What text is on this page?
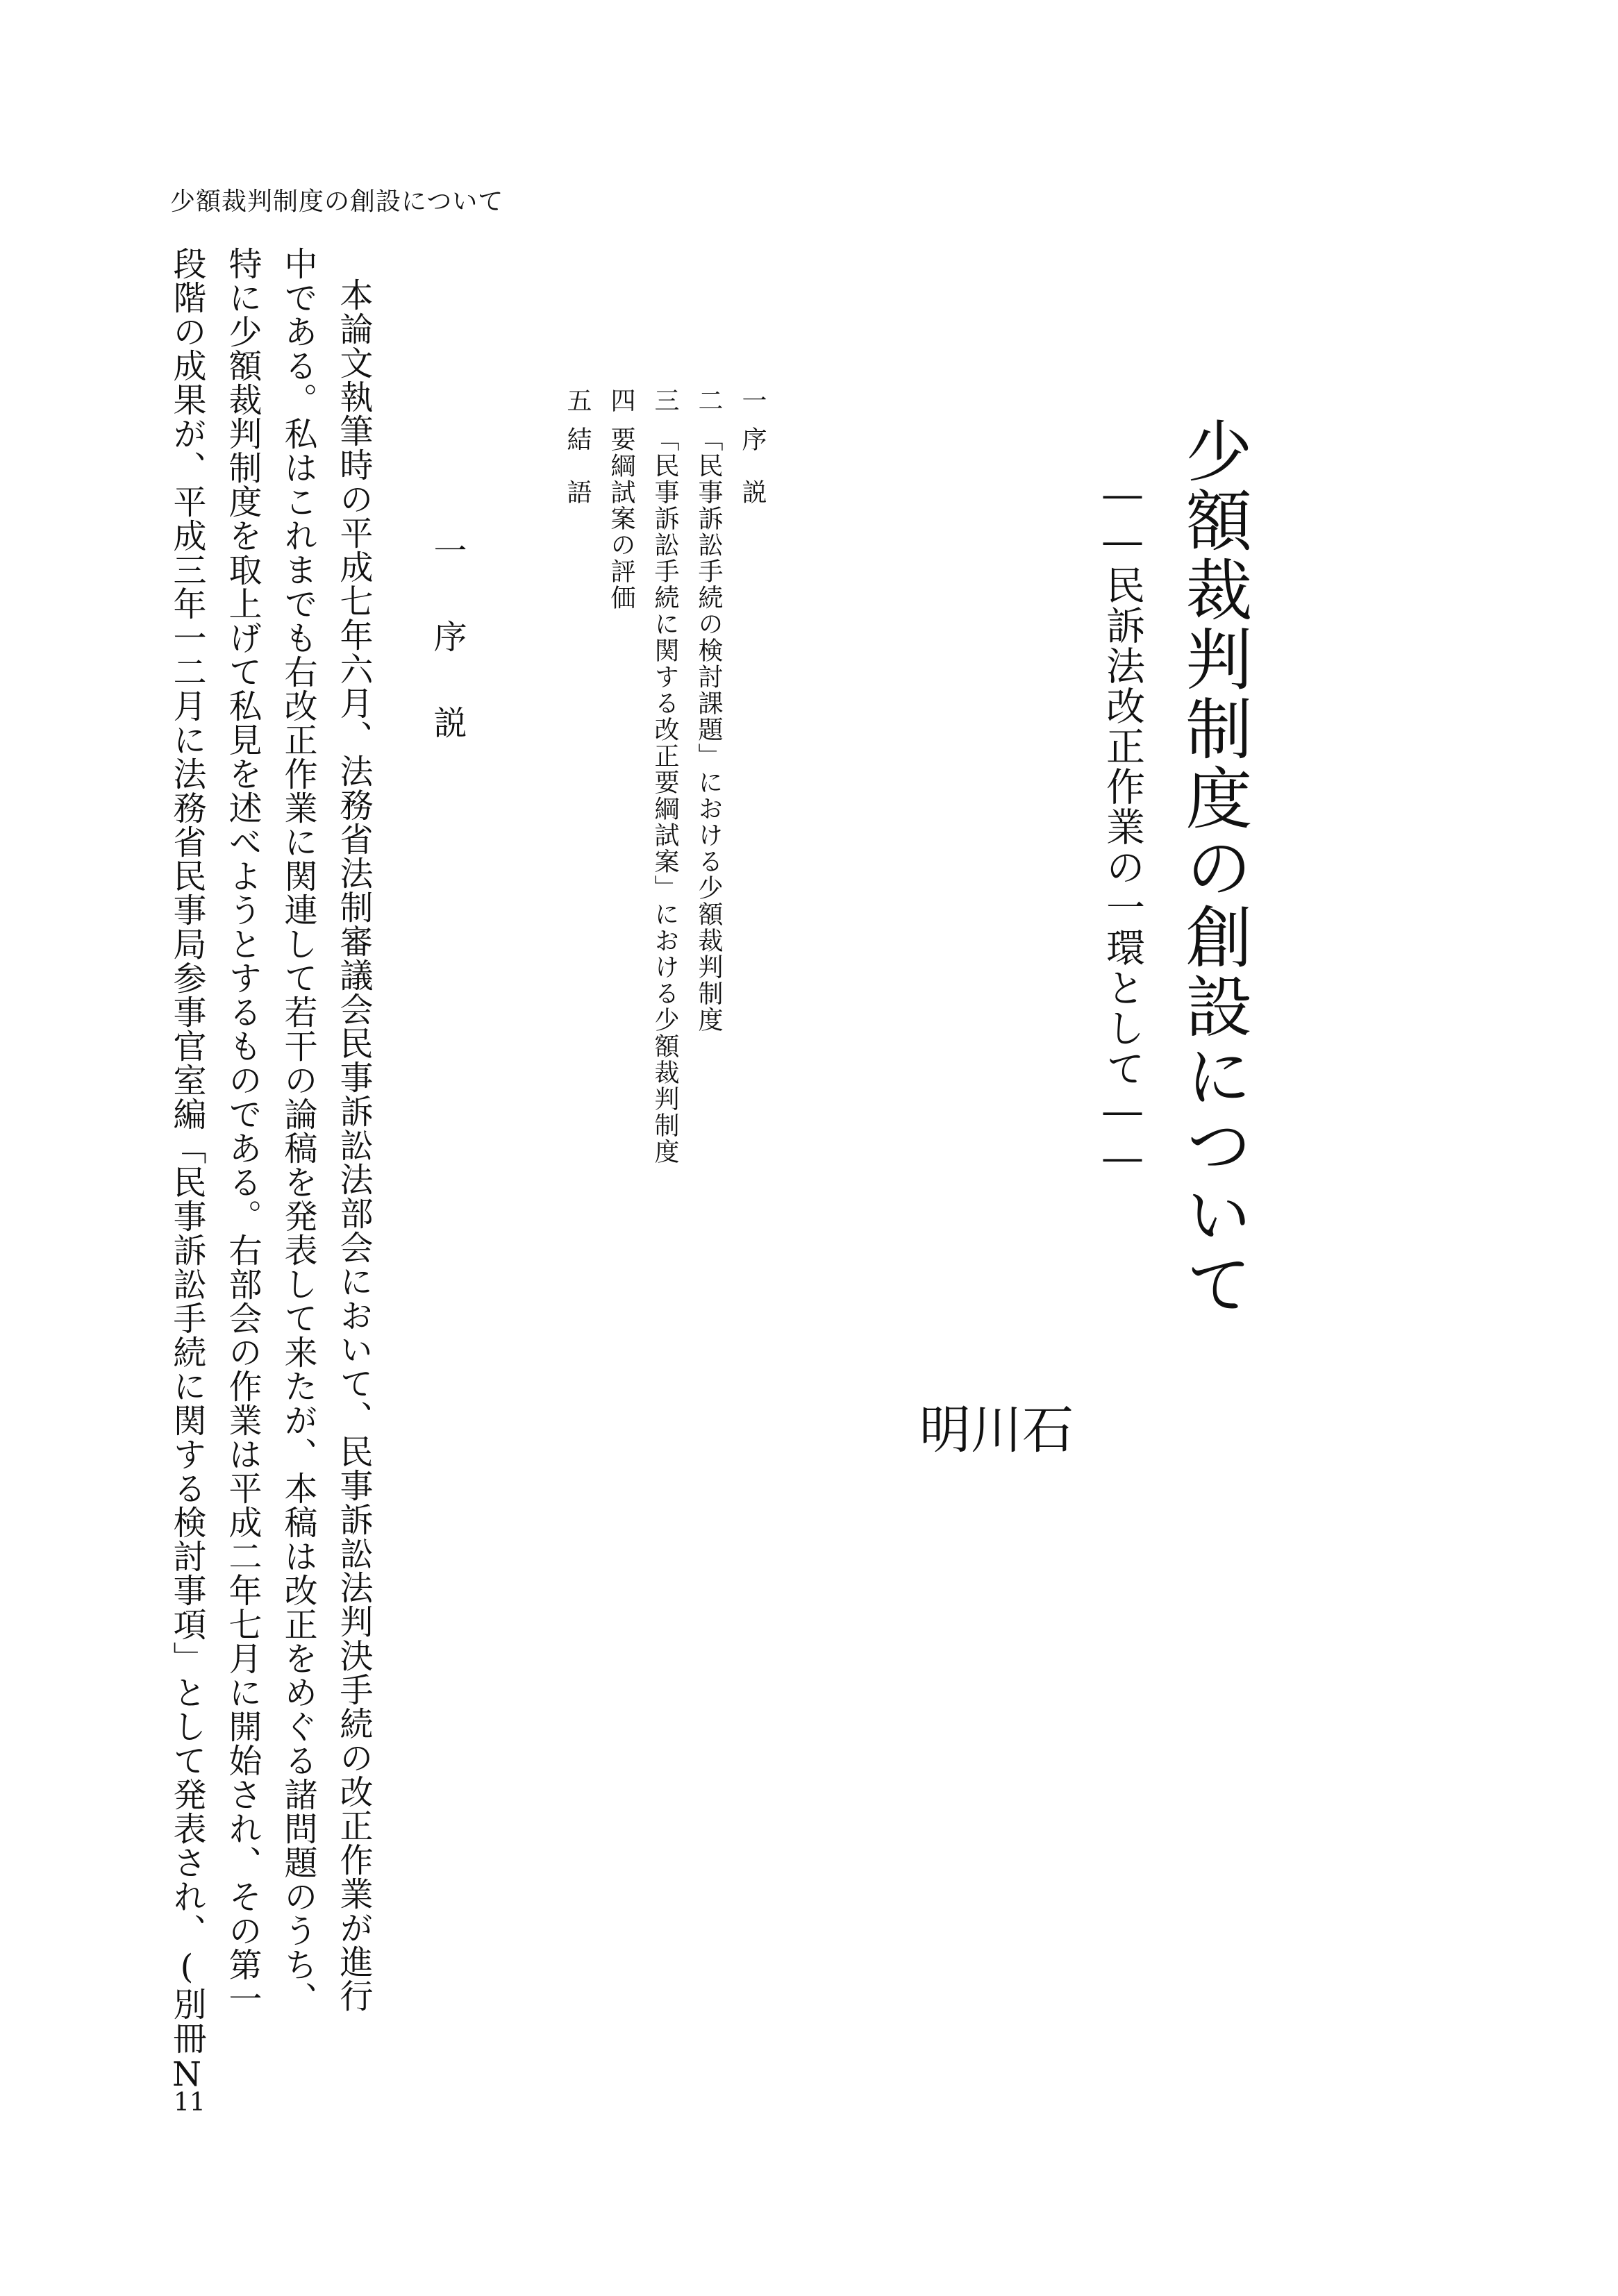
少額裁判制度の創設について
少額裁判制度の創設について
――民訴法改正作業の一環として――
石
川
明
一序　説
二「民事訴訟手続の検討課題」における少額裁判制度
三「民事訴訟手続に関する改正要綱試案」における少額裁判制度
四要綱試案の評価
五結　語
一　序　説
本論文執筆時の平成七年六月、法務省法制審議会民事訴訟法部会において、民事訴訟法判決手続の改正作業が進行
中である。私はこれまでも右改正作業に関連して若干の論稿を発表して来たが、本稿は改正をめぐる諸問題のうち、
特に少額裁判制度を取上げて私見を述べようとするものである。右部会の作業は平成二年七月に開始され、その第一
段階の成果が、平成三年一二月に法務省民事局参事官室編「民事訴訟手続に関する検討事項」として発表され、(別冊N
11
